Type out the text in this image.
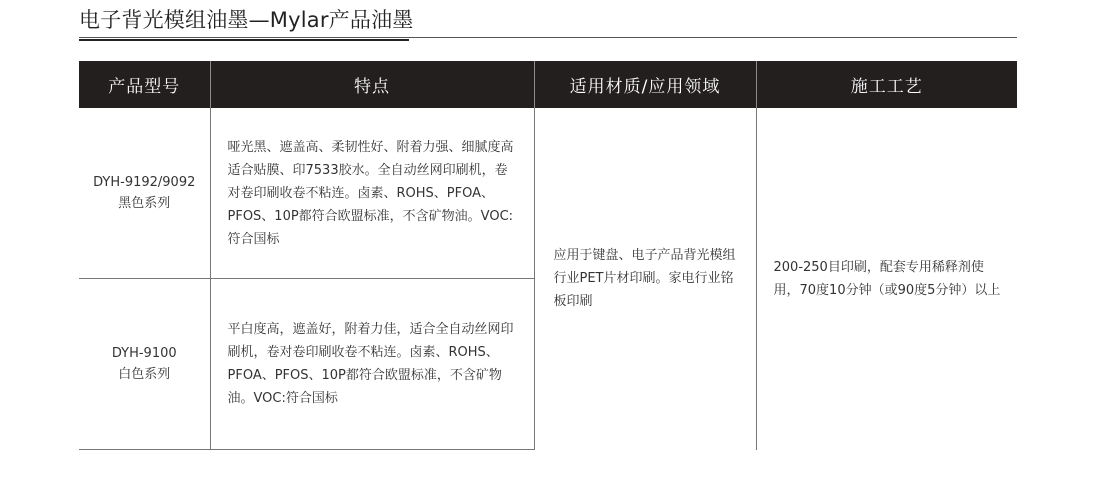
电子背光模组油墨—Mylar产品油墨
产品型号	特点	适用材质/应用领域	施工工艺

DYH-9192/9092
黑色系列	哑光黑、遮盖高、柔韧性好、附着力强、细腻度高适合贴膜、印7533胶水。全自动丝网印刷机，卷对卷印刷收卷不粘连。卤素、ROHS、PFOA、PFOS、10P都符合欧盟标准，不含矿物油。VOC:符合国标	应用于键盘、电子产品背光模组行业PET片材印刷。家电行业铭板印刷	200-250目印刷，配套专用稀释剂使用，70度10分钟（或90度5分钟）以上

DYH-9100
白色系列	平白度高，遮盖好，附着力佳，适合全自动丝网印刷机，卷对卷印刷收卷不粘连。卤素、ROHS、PFOA、PFOS、10P都符合欧盟标准，不含矿物油。VOC:符合国标		
